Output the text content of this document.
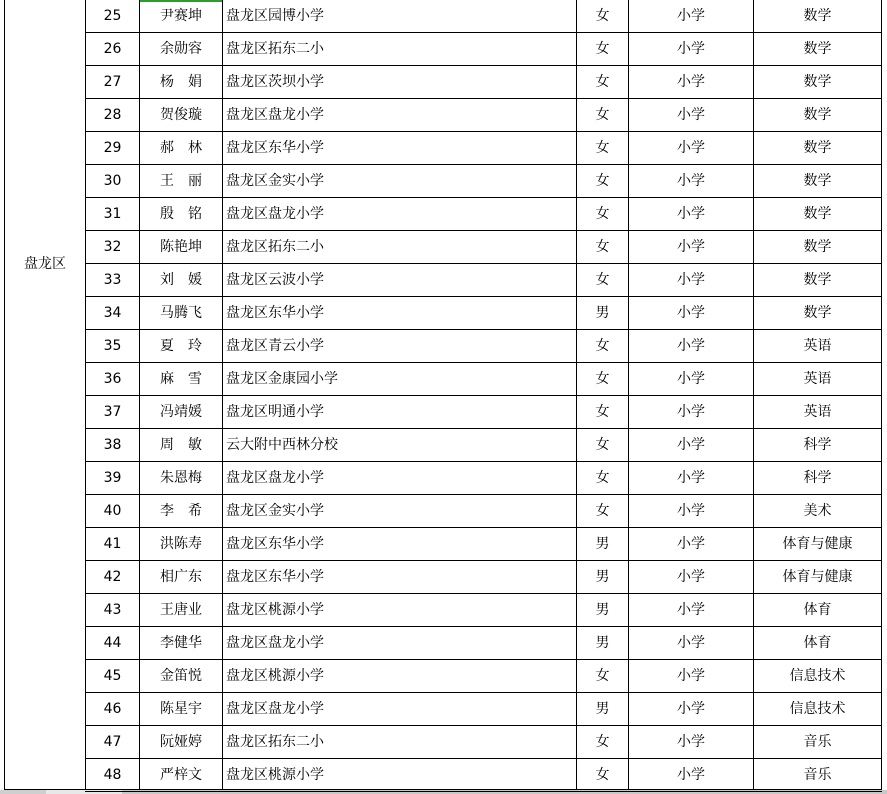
盘龙区
25	尹赛坤	盘龙区园博小学	女	小学	数学
26	余勋容	盘龙区拓东二小	女	小学	数学
27	杨　娟	盘龙区茨坝小学	女	小学	数学
28	贺俊璇	盘龙区盘龙小学	女	小学	数学
29	郝　林	盘龙区东华小学	女	小学	数学
30	王　丽	盘龙区金实小学	女	小学	数学
31	殷　铭	盘龙区盘龙小学	女	小学	数学
32	陈艳坤	盘龙区拓东二小	女	小学	数学
33	刘　媛	盘龙区云波小学	女	小学	数学
34	马腾飞	盘龙区东华小学	男	小学	数学
35	夏　玲	盘龙区青云小学	女	小学	英语
36	麻　雪	盘龙区金康园小学	女	小学	英语
37	冯靖媛	盘龙区明通小学	女	小学	英语
38	周　敏	云大附中西林分校	女	小学	科学
39	朱恩梅	盘龙区盘龙小学	女	小学	科学
40	李　希	盘龙区金实小学	女	小学	美术
41	洪陈寿	盘龙区东华小学	男	小学	体育与健康
42	相广东	盘龙区东华小学	男	小学	体育与健康
43	王唐业	盘龙区桃源小学	男	小学	体育
44	李健华	盘龙区盘龙小学	男	小学	体育
45	金笛悦	盘龙区桃源小学	女	小学	信息技术
46	陈星宇	盘龙区盘龙小学	男	小学	信息技术
47	阮娅婷	盘龙区拓东二小	女	小学	音乐
48	严梓文	盘龙区桃源小学	女	小学	音乐
